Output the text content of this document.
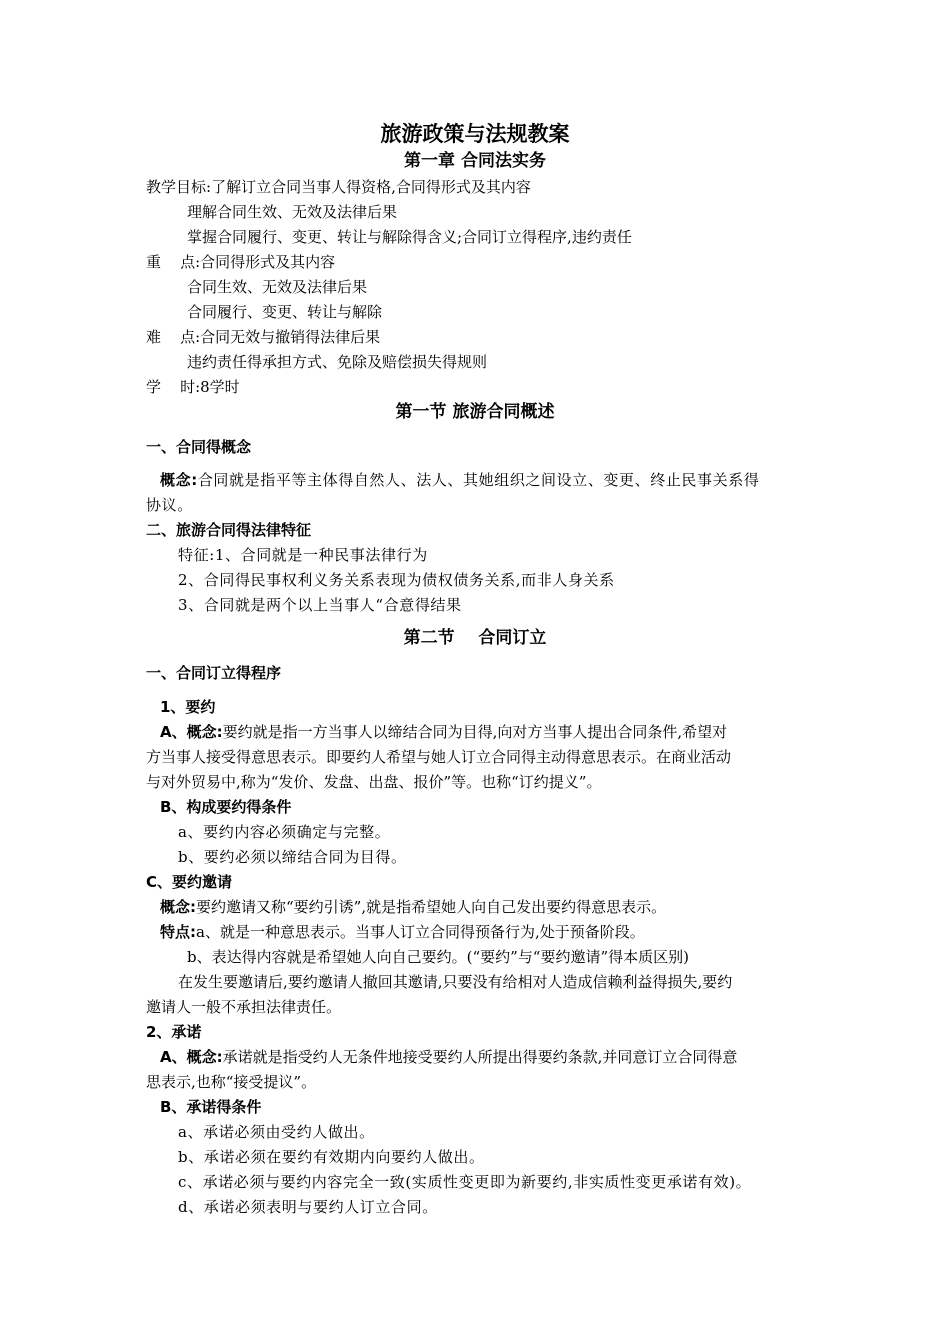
旅游政策与法规教案
第一章 合同法实务
教学目标:了解订立合同当事人得资格,合同得形式及其内容
理解合同生效、无效及法律后果
掌握合同履行、变更、转让与解除得含义;合同订立得程序,违约责任
重    点:合同得形式及其内容
合同生效、无效及法律后果
合同履行、变更、转让与解除
难    点:合同无效与撤销得法律后果
违约责任得承担方式、免除及赔偿损失得规则
学    时:8学时
第一节 旅游合同概述
一、合同得概念
概念:合同就是指平等主体得自然人、法人、其她组织之间设立、变更、终止民事关系得
协议。
二、旅游合同得法律特征
特征:1、合同就是一种民事法律行为
2、合同得民事权利义务关系表现为债权债务关系,而非人身关系
3、合同就是两个以上当事人“合意得结果
第二节    合同订立
一、合同订立得程序
1、要约
A、概念:要约就是指一方当事人以缔结合同为目得,向对方当事人提出合同条件,希望对
方当事人接受得意思表示。即要约人希望与她人订立合同得主动得意思表示。在商业活动
与对外贸易中,称为“发价、发盘、出盘、报价”等。也称“订约提义”。
B、构成要约得条件
a、要约内容必须确定与完整。
b、要约必须以缔结合同为目得。
C、要约邀请
概念:要约邀请又称“要约引诱”,就是指希望她人向自己发出要约得意思表示。
特点:a、就是一种意思表示。当事人订立合同得预备行为,处于预备阶段。
b、表达得内容就是希望她人向自己要约。(“要约”与“要约邀请”得本质区别)
在发生要邀请后,要约邀请人撤回其邀请,只要没有给相对人造成信赖利益得损失,要约
邀请人一般不承担法律责任。
2、承诺
A、概念:承诺就是指受约人无条件地接受要约人所提出得要约条款,并同意订立合同得意
思表示,也称“接受提议”。
B、承诺得条件
a、承诺必须由受约人做出。
b、承诺必须在要约有效期内向要约人做出。
c、承诺必须与要约内容完全一致(实质性变更即为新要约,非实质性变更承诺有效)。
d、承诺必须表明与要约人订立合同。
